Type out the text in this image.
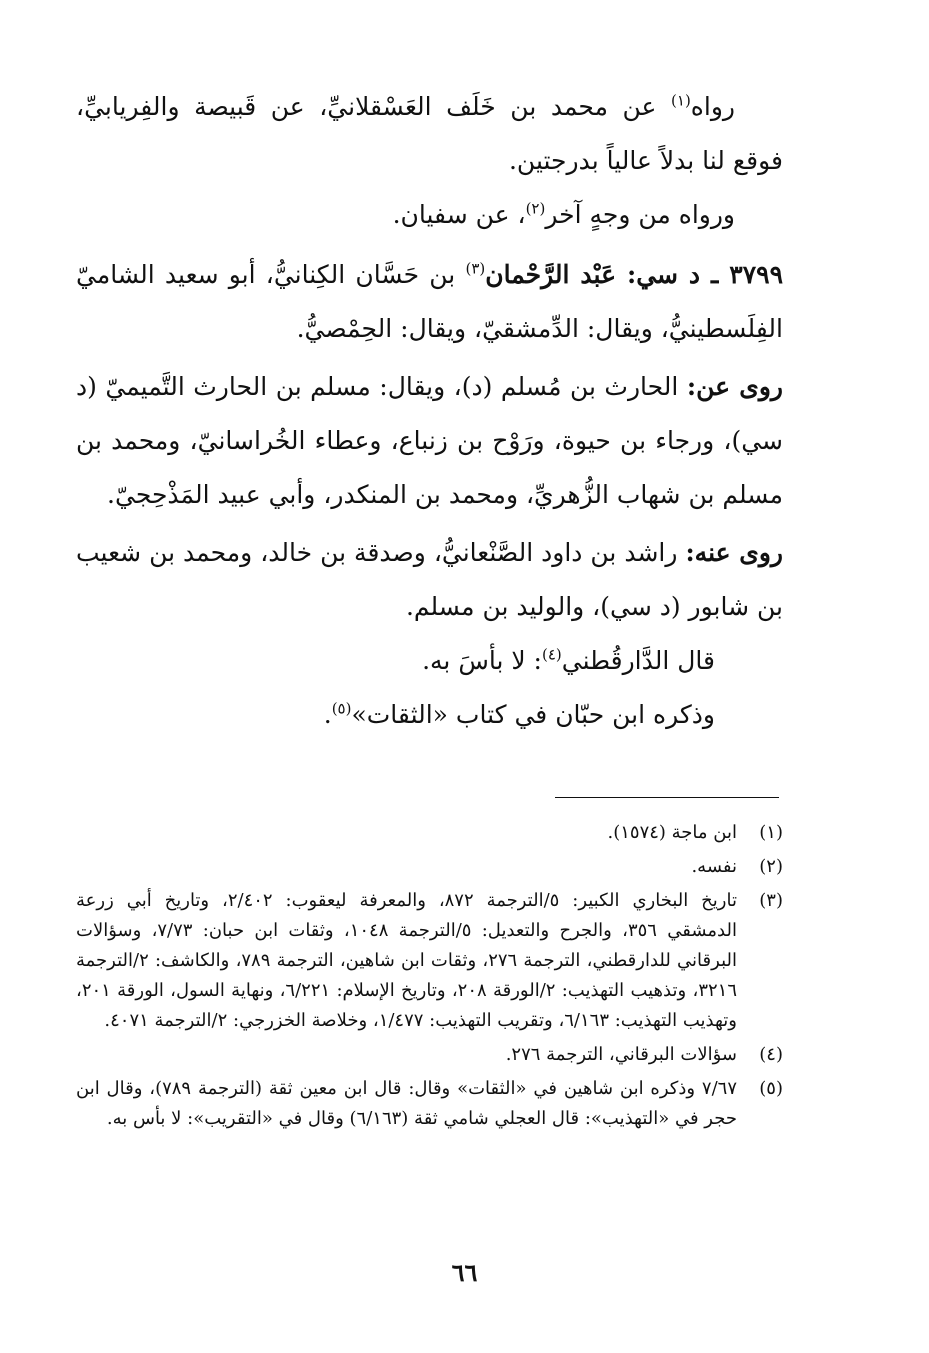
رواه$^{(١)}$ عن محمد بن خَلَف العَسْقلانيِّ، عن قَبيصة والفِريابيِّ، فوقع لنا بدلاً عالياً بدرجتين.

ورواه من وجهٍ آخر$^{(٢)}$، عن سفيان.

٣٧٩٩ ـ د سي: عَبْد الرَّحْمان$^{(٣)}$ بن حَسَّان الكِنانيُّ، أبو سعيد الشاميّ الفِلَسطينيُّ، ويقال: الدِّمشقيّ، ويقال: الحِمْصيُّ.

روى عن: الحارث بن مُسلم (د)، ويقال: مسلم بن الحارث التَّميميّ (د سي)، ورجاء بن حيوة، ورَوْح بن زنباع، وعطاء الخُراسانيّ، ومحمد بن مسلم بن شهاب الزُّهريِّ، ومحمد بن المنكدر، وأبي عبيد المَذْحِجيّ.

روى عنه: راشد بن داود الصَّنْعانيُّ، وصدقة بن خالد، ومحمد بن شعيب بن شابور (د سي)، والوليد بن مسلم.

قال الدَّارقُطني$^{(٤)}$: لا بأسَ به.

وذكره ابن حبّان في كتاب «الثقات»$^{(٥)}$.

(١)
ابن ماجة (١٥٧٤).
(٢)
نفسه.
(٣)
تاريخ البخاري الكبير: ٥/الترجمة ٨٧٢، والمعرفة ليعقوب: ٢/٤٠٢، وتاريخ أبي زرعة الدمشقي ٣٥٦، والجرح والتعديل: ٥/الترجمة ١٠٤٨، وثقات ابن حبان: ٧/٧٣، وسؤالات البرقاني للدارقطني، الترجمة ٢٧٦، وثقات ابن شاهين، الترجمة ٧٨٩، والكاشف: ٢/الترجمة ٣٢١٦، وتذهيب التهذيب: ٢/الورقة ٢٠٨، وتاريخ الإسلام: ٦/٢٢١، ونهاية السول، الورقة ٢٠١، وتهذيب التهذيب: ٦/١٦٣، وتقريب التهذيب: ١/٤٧٧، وخلاصة الخزرجي: ٢/الترجمة ٤٠٧١.
(٤)
سؤالات البرقاني، الترجمة ٢٧٦.
(٥)
٧/٦٧ وذكره ابن شاهين في «الثقات» وقال: قال ابن معين ثقة (الترجمة ٧٨٩)، وقال ابن حجر في «التهذيب»: قال العجلي شامي ثقة (٦/١٦٣) وقال في «التقريب»: لا بأس به.
٦٦
